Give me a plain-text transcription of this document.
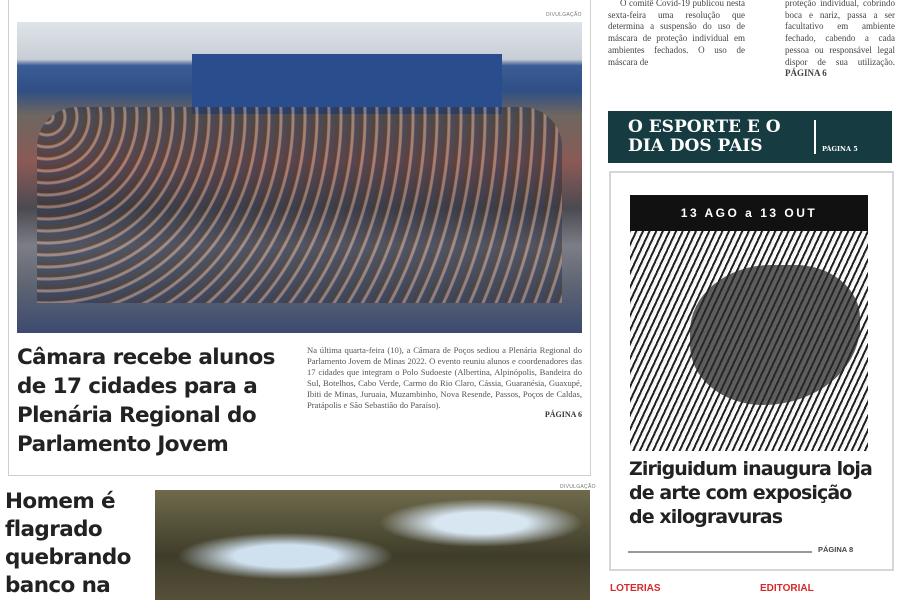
DIVULGAÇÃO
Câmara recebe alunos de 17 cidades para a Plenária Regional do Parlamento Jovem
Na última quarta-feira (10), a Câmara de Poços sediou a Plenária Regional do Parlamento Jovem de Minas 2022. O evento reuniu alunos e coordenadores das 17 cidades que integram o Polo Sudoeste (Albertina, Alpinópolis, Bandeira do Sul, Botelhos, Cabo Verde, Carmo do Rio Claro, Cássia, Guaranésia, Guaxupé, Ibiti de Minas, Juruaia, Muzambinho, Nova Resende, Passos, Poços de Caldas, Pratápolis e São Sebastião do Paraíso).
PÁGINA 6
DIVULGAÇÃO
Homem é flagrado quebrando banco na
O comitê Covid-19 publicou nesta sexta-feira uma resolução que determina a suspensão do uso de máscara de proteção individual em ambientes fechados. O uso de máscara de
proteção individual, cobrindo boca e nariz, passa a ser facultativo em ambiente fechado, cabendo a cada pessoa ou responsável legal dispor de sua utilização. PÁGINA 6
O ESPORTE E O DIA DOS PAIS	PÁGINA 5
13 AGO a 13 OUT
Ziriguidum inaugura loja de arte com exposição de xilogravuras
PÁGINA 8
LOTERIAS	EDITORIAL
